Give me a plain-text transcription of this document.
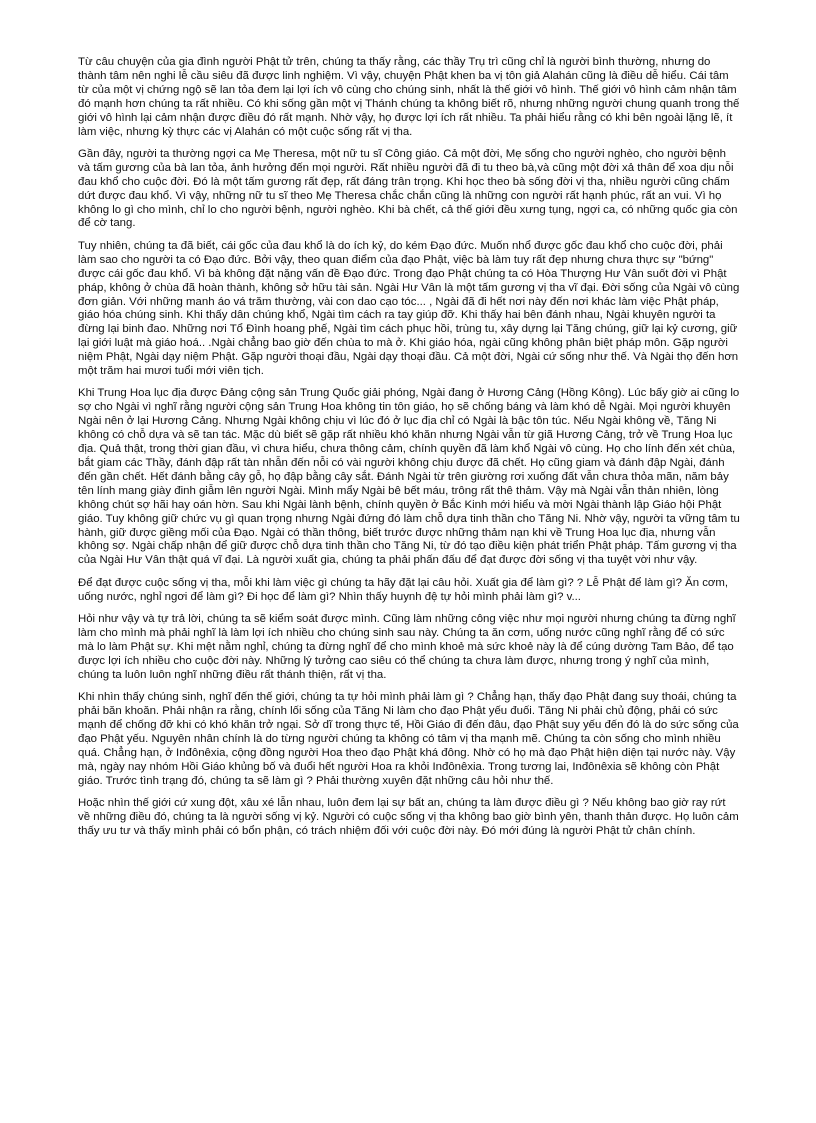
Từ câu chuyện của gia đình người Phật tử trên, chúng ta thấy rằng, các thầy Trụ trì cũng chỉ là người bình thường, nhưng do thành tâm nên nghi lễ cầu siêu đã được linh nghiệm. Vì vậy, chuyện Phật khen ba vị tôn giả Alahán cũng là điều dễ hiểu. Cái tâm từ của một vị chứng ngộ sẽ lan tỏa đem lại lợi ích vô cùng cho chúng sinh, nhất là thế giới vô hình. Thế giới vô hình cảm nhận tâm đó mạnh hơn chúng ta rất nhiều. Có khi sống gần một vị Thánh chúng ta không biết rõ, nhưng những người chung quanh trong thế giới vô hình lại cảm nhận được điều đó rất mạnh. Nhờ vậy, họ được lợi ích rất nhiều. Ta phải hiểu rằng có khi bên ngoài lặng lẽ, ít làm việc, nhưng kỳ thực các vị Alahán có một cuộc sống rất vị tha.

Gần đây, người ta thường ngợi ca Mẹ Theresa, một nữ tu sĩ Công giáo. Cả một đời, Mẹ sống cho người nghèo, cho người bệnh và tấm gương của bà lan tỏa, ảnh hưởng đến mọi người. Rất nhiều người đã đi tu theo bà,và cũng một đời xả thân để xoa dịu nỗi đau khổ cho cuộc đời. Đó là một tấm gương rất đẹp, rất đáng trân trọng. Khi học theo bà sống đời vị tha, nhiều người cũng chấm dứt được đau khổ. Vì vậy, những nữ tu sĩ theo Mẹ Theresa chắc chắn cũng là những con người rất hạnh phúc, rất an vui. Vì họ không lo gì cho mình, chỉ lo cho người bệnh, người nghèo. Khi bà chết, cả thế giới đều xưng tụng, ngợi ca, có những quốc gia còn để cờ tang.

Tuy nhiên, chúng ta đã biết, cái gốc của đau khổ là do ích kỷ, do kém Đạo đức. Muốn nhổ được gốc đau khổ cho cuộc đời, phải làm sao cho người ta có Đạo đức. Bởi vậy, theo quan điểm của đạo Phật, việc bà làm tuy rất đẹp nhưng chưa thực sự "bứng" được cái gốc đau khổ. Vì bà không đặt nặng vấn đề Đạo đức. Trong đạo Phật chúng ta có Hòa Thượng Hư Vân suốt đời vì Phật pháp, không ở chùa đã hoàn thành, không sở hữu tài sản. Ngài Hư Vân là một tấm gương vị tha vĩ đại. Đời sống của Ngài vô cùng đơn giản. Với những manh áo vá trăm thường, vài con dao cạo tóc... , Ngài đã đi hết nơi này đến nơi khác làm việc Phật pháp, giáo hóa chúng sinh. Khi thấy dân chúng khổ, Ngài tìm cách ra tay giúp đỡ. Khi thấy hai bên đánh nhau, Ngài khuyên người ta đừng lại binh đao. Những nơi Tổ Đình hoang phế, Ngài tìm cách phục hồi, trùng tu, xây dựng lại Tăng chúng, giữ lại kỷ cương, giữ lại giới luật mà giáo hoá.. .Ngài chẳng bao giờ đến chùa to mà ở. Khi giáo hóa, ngài cũng không phân biệt pháp môn. Gặp người niệm Phật, Ngài dạy niệm Phật. Gặp người thoại đầu, Ngài dạy thoại đầu. Cả một đời, Ngài cứ sống như thế. Và Ngài thọ đến hơn một trăm hai mươi tuổi mới viên tịch.

Khi Trung Hoa lục địa được Đảng cộng sản Trung Quốc giải phóng, Ngài đang ở Hương Cảng (Hồng Kông). Lúc bấy giờ ai cũng lo sợ cho Ngài vì nghĩ rằng người cộng sản Trung Hoa không tin tôn giáo, họ sẽ chống báng và làm khó dễ Ngài. Mọi người khuyên Ngài nên ở lại Hương Cảng. Nhưng Ngài không chịu vì lúc đó ở lục địa chỉ có Ngài là bậc tôn túc. Nếu Ngài không về, Tăng Ni không có chỗ dựa và sẽ tan tác. Mặc dù biết sẽ gặp rất nhiều khó khăn nhưng Ngài vẫn từ giã Hương Cảng, trở về Trung Hoa lục địa. Quả thật, trong thời gian đầu, vì chưa hiểu, chưa thông cảm, chính quyền đã làm khổ Ngài vô cùng. Họ cho lính đến xét chùa, bắt giam các Thầy, đánh đập rất tàn nhẫn đến nỗi có vài người không chịu được đã chết. Họ cũng giam và đánh đập Ngài, đánh đến gần chết. Hết đánh bằng cây gỗ, họ đập bằng cây sắt. Đánh Ngài từ trên giường rơi xuống đất vẫn chưa thỏa mãn, năm bảy tên lính mang giày đinh giẫm lên người Ngài. Mình mẩy Ngài bê bết máu, trông rất thê thảm. Vậy mà Ngài vẫn thản nhiên, lòng không chút sợ hãi hay oán hờn. Sau khi Ngài lành bệnh, chính quyền ở Bắc Kinh mới hiểu và mời Ngài thành lập Giáo hội Phật giáo. Tuy không giữ chức vụ gì quan trọng nhưng Ngài đứng đó làm chỗ dựa tinh thần cho Tăng Ni. Nhờ vậy, người ta vững tâm tu hành, giữ được giềng mối của Đạo. Ngài có thần thông, biết trước được những thảm nạn khi về Trung Hoa lục địa, nhưng vẫn không sợ. Ngài chấp nhận để giữ được chỗ dựa tinh thần cho Tăng Ni, từ đó tạo điều kiện phát triển Phật pháp. Tấm gương vị tha của Ngài Hư Vân thật quá vĩ đại. Là người xuất gia, chúng ta phải phấn đấu để đạt được đời sống vị tha tuyệt vời như vậy.

Để đạt được cuộc sống vị tha, mỗi khi làm việc gì chúng ta hãy đặt lại câu hỏi. Xuất gia để làm gì? ? Lễ Phật để làm gì? Ăn cơm, uống nước, nghỉ ngơi để làm gì? Đi học để làm gì? Nhìn thấy huynh đệ tự hỏi mình phải làm gì? v...

Hỏi như vậy và tự trả lời, chúng ta sẽ kiểm soát được mình. Cũng làm những công việc như mọi người nhưng chúng ta đừng nghĩ làm cho mình mà phải nghĩ là làm lợi ích nhiều cho chúng sinh sau này. Chúng ta ăn cơm, uống nước cũng nghĩ rằng để có sức mà lo làm Phật sự. Khi mệt nằm nghỉ, chúng ta đừng nghĩ để cho mình khoẻ mà sức khoẻ này là để cúng dường Tam Bảo, để tạo được lợi ích nhiều cho cuộc đời này. Những lý tưởng cao siêu có thể chúng ta chưa làm được, nhưng trong ý nghĩ của mình, chúng ta luôn luôn nghĩ những điều rất thánh thiện, rất vị tha.

Khi nhìn thấy chúng sinh, nghĩ đến thế giới, chúng ta tự hỏi mình phải làm gì ? Chẳng hạn, thấy đạo Phật đang suy thoái, chúng ta phải băn khoăn. Phải nhận ra rằng, chính lối sống của Tăng Ni làm cho đạo Phật yếu đuối. Tăng Ni phải chủ động, phải có sức mạnh để chống đỡ khi có khó khăn trở ngại. Sở dĩ trong thực tế, Hồi Giáo đi đến đâu, đạo Phật suy yếu đến đó là do sức sống của đạo Phật yếu. Nguyên nhân chính là do từng người chúng ta không có tâm vị tha mạnh mẽ. Chúng ta còn sống cho mình nhiều quá. Chẳng hạn, ở Inđônêxia, cộng đồng người Hoa theo đạo Phật khá đông. Nhờ có họ mà đạo Phật hiện diện tại nước này. Vậy mà, ngày nay nhóm Hồi Giáo khủng bố và đuổi hết người Hoa ra khỏi Inđônêxia. Trong tương lai, Inđônêxia sẽ không còn Phật giáo. Trước tình trạng đó, chúng ta sẽ làm gì ? Phải thường xuyên đặt những câu hỏi như thế.

Hoặc nhìn thế giới cứ xung đột, xâu xé lẫn nhau, luôn đem lại sự bất an, chúng ta làm được điều gì ? Nếu không bao giờ ray rứt về những điều đó, chúng ta là người sống vị kỷ. Người có cuộc sống vị tha không bao giờ bình yên, thanh thản được. Họ luôn cảm thấy ưu tư và thấy mình phải có bổn phận, có trách nhiệm đối với cuộc đời này. Đó mới đúng là người Phật tử chân chính.
